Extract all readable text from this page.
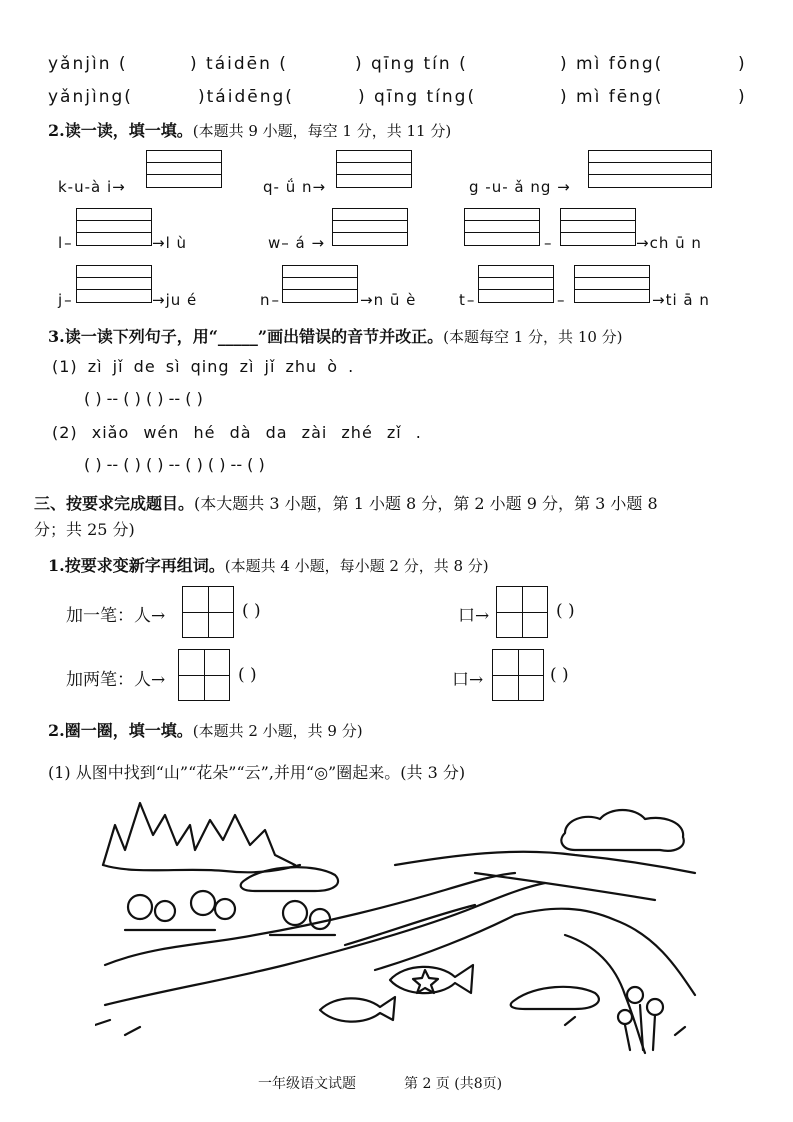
yǎnjìn (	) táidēn (	) qīng tín (	) mì fōng(	)
yǎnjìng(	)táidēng(	) qīng tíng(	) mì fēng(	)
2.读一读，填一填。(本题共 9 小题，每空 1 分，共 11 分)
k-u-à i→	q- ǘ n→	g -u- ǎ ng →
l–	→l ù	w– á →	–	→ch ū n
j–	→ju é	n–	→n ū è	t–	–	→ti ā n
3.读一读下列句子，用“_____”画出错误的音节并改正。(本题每空 1 分，共 10 分)
(1) zì jǐ de sì qing zì jǐ zhu ò .
( ) -- ( ) ( ) -- ( )
(2) xiǎo wén hé dà da zài zhé zǐ .
( ) -- ( ) ( ) -- ( ) ( ) -- ( )
三、按要求完成题目。(本大题共 3 小题，第 1 小题 8 分，第 2 小题 9 分，第 3 小题 8
分；共 25 分)
1.按要求变新字再组词。(本题共 4 小题，每小题 2 分，共 8 分)
加一笔：人→	( )	口→	( )
加两笔：人→	( )	口→	( )
2.圈一圈，填一填。(本题共 2 小题，共 9 分)
(1) 从图中找到“山”“花朵”“云”,并用“◎”圈起来。(共 3 分)
一年级语文试题	第 2 页 (共8页)
